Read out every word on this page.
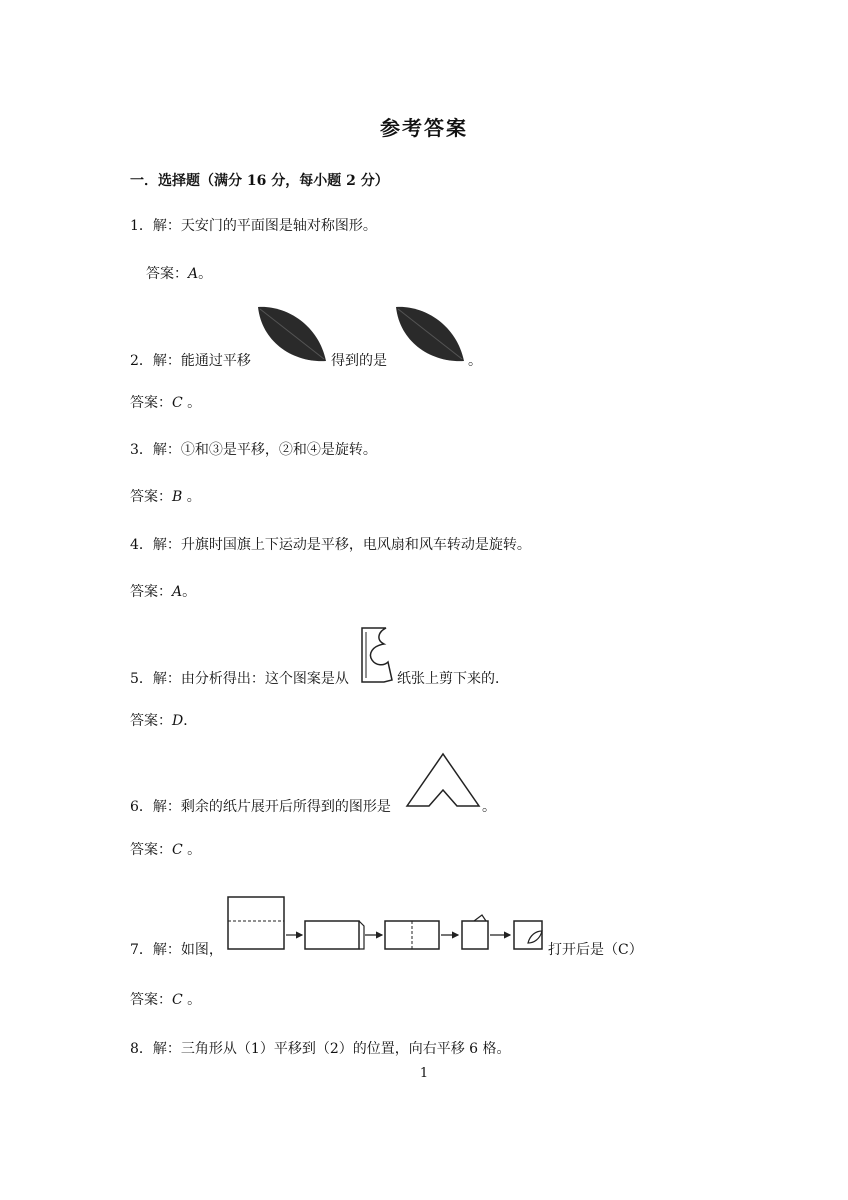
参考答案
一．选择题（满分 16 分，每小题 2 分）
1．解：天安门的平面图是轴对称图形。
答案：A。
2．解：能通过平移	得到的是	。
答案：C 。
3．解：①和③是平移，②和④是旋转。
答案：B 。
4．解：升旗时国旗上下运动是平移，电风扇和风车转动是旋转。
答案：A。
5．解：由分析得出：这个图案是从	纸张上剪下来的．
答案：D．
6．解：剩余的纸片展开后所得到的图形是	。
答案：C 。
7．解：如图，	打开后是（C）
答案：C 。
8．解：三角形从（1）平移到（2）的位置，向右平移 6 格。
1
